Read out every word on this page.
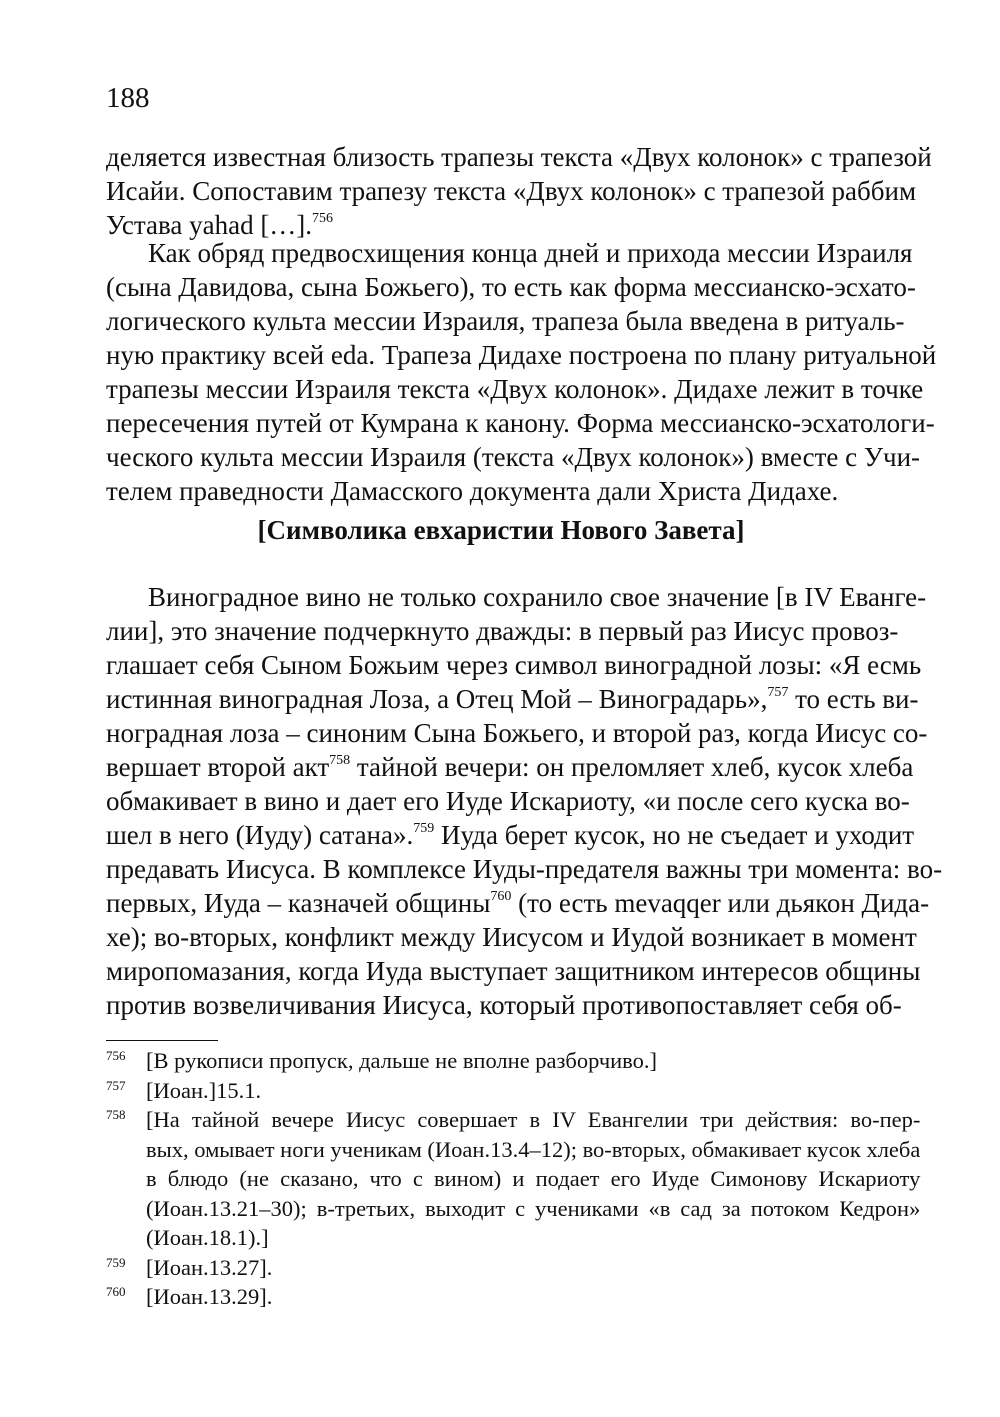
188

деляется известная близость трапезы текста «Двух колонок» с трапезой
Исайи. Сопоставим трапезу текста «Двух колонок» с трапезой раббим
Устава yahad […].$^{756}$

Как обряд предвосхищения конца дней и прихода мессии Израиля
(сына Давидова, сына Божьего), то есть как форма мессианско-эсхато-
логического культа мессии Израиля, трапеза была введена в ритуаль-
ную практику всей eda. Трапеза Дидахе построена по плану ритуальной
трапезы мессии Израиля текста «Двух колонок». Дидахе лежит в точке
пересечения путей от Кумрана к канону. Форма мессианско-эсхатологи-
ческого культа мессии Израиля (текста «Двух колонок») вместе с Учи-
телем праведности Дамасского документа дали Христа Дидахе.

[Символика евхаристии Нового Завета]

Виноградное вино не только сохранило свое значение [в IV Еванге-
лии], это значение подчеркнуто дважды: в первый раз Иисус провоз-
глашает себя Сыном Божьим через символ виноградной лозы: «Я есмь
истинная виноградная Лоза, а Отец Мой – Виноградарь»,$^{757}$ то есть ви-
ноградная лоза – синоним Сына Божьего, и второй раз, когда Иисус со-
вершает второй акт$^{758}$ тайной вечери: он преломляет хлеб, кусок хлеба
обмакивает в вино и дает его Иуде Искариоту, «и после сего куска во-
шел в него (Иуду) сатана».$^{759}$ Иуда берет кусок, но не съедает и уходит
предавать Иисуса. В комплексе Иуды-предателя важны три момента: во-
первых, Иуда – казначей общины$^{760}$ (то есть mevaqqer или дьякон Дида-
хе); во-вторых, конфликт между Иисусом и Иудой возникает в момент
миропомазания, когда Иуда выступает защитником интересов общины
против возвеличивания Иисуса, который противопоставляет себя об-

756 [В рукописи пропуск, дальше не вполне разборчиво.]
757 [Иоан.]15.1.
758 [На тайной вечере Иисус совершает в IV Евангелии три действия: во-пер-
вых, омывает ноги ученикам (Иоан.13.4–12); во-вторых, обмакивает кусок хлеба
в блюдо (не сказано, что с вином) и подает его Иуде Симонову Искариоту
(Иоан.13.21–30); в-третьих, выходит с учениками «в сад за потоком Кедрон»
(Иоан.18.1).]
759 [Иоан.13.27].
760 [Иоан.13.29].
